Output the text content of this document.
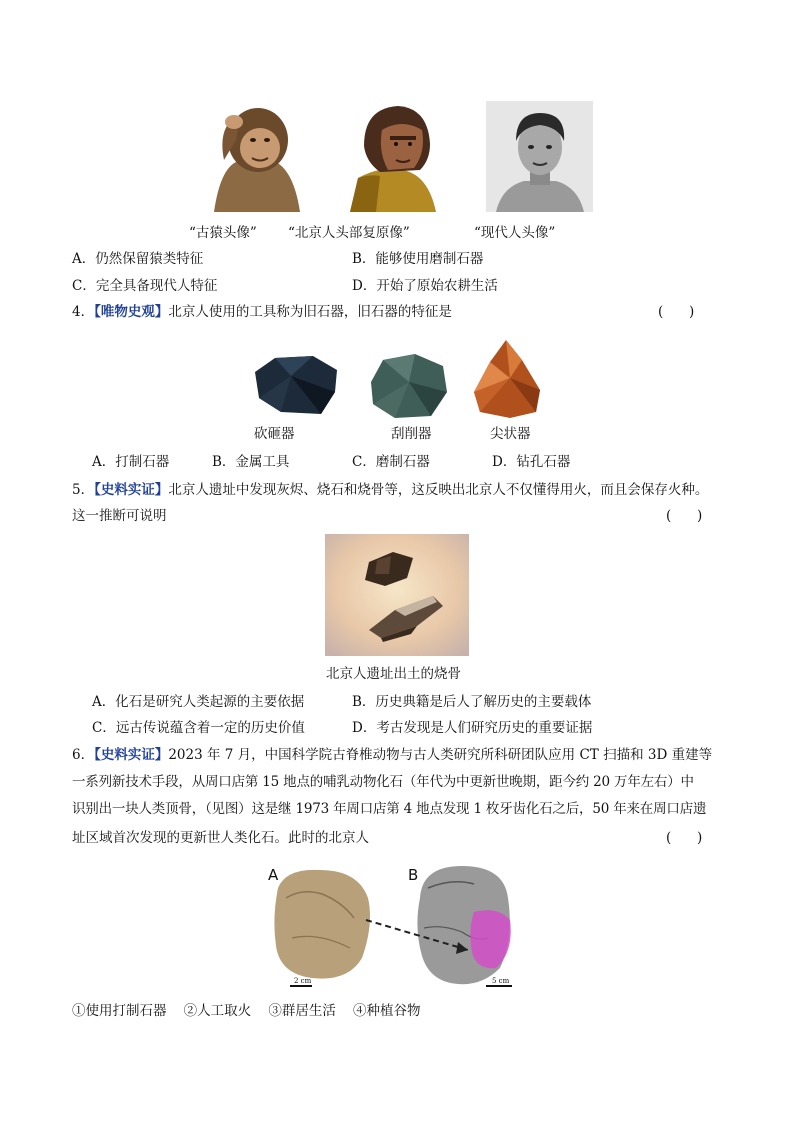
“古猿头像” “北京人头部复原像”	“现代人头像”
A．仍然保留猿类特征	B．能够使用磨制石器
C．完全具备现代人特征	D．开始了原始农耕生活
4．【唯物史观】北京人使用的工具称为旧石器，旧石器的特征是	(      )
砍砸器	刮削器	尖状器
A．打制石器	B．金属工具	C．磨制石器	D．钻孔石器
5．【史料实证】北京人遗址中发现灰烬、烧石和烧骨等，这反映出北京人不仅懂得用火，而且会保存火种。
这一推断可说明	(      )
北京人遗址出土的烧骨
A．化石是研究人类起源的主要依据	B．历史典籍是后人了解历史的主要载体
C．远古传说蕴含着一定的历史价值	D．考古发现是人们研究历史的重要证据
6．【史料实证】2023 年 7 月，中国科学院古脊椎动物与古人类研究所科研团队应用 CT 扫描和 3D 重建等
一系列新技术手段，从周口店第 15 地点的哺乳动物化石（年代为中更新世晚期，距今约 20 万年左右）中
识别出一块人类顶骨，（见图）这是继 1973 年周口店第 4 地点发现 1 枚牙齿化石之后，50 年来在周口店遗
址区域首次发现的更新世人类化石。此时的北京人	(      )
A	B
2 cm	5 cm
①使用打制石器    ②人工取火    ③群居生活    ④种植谷物
